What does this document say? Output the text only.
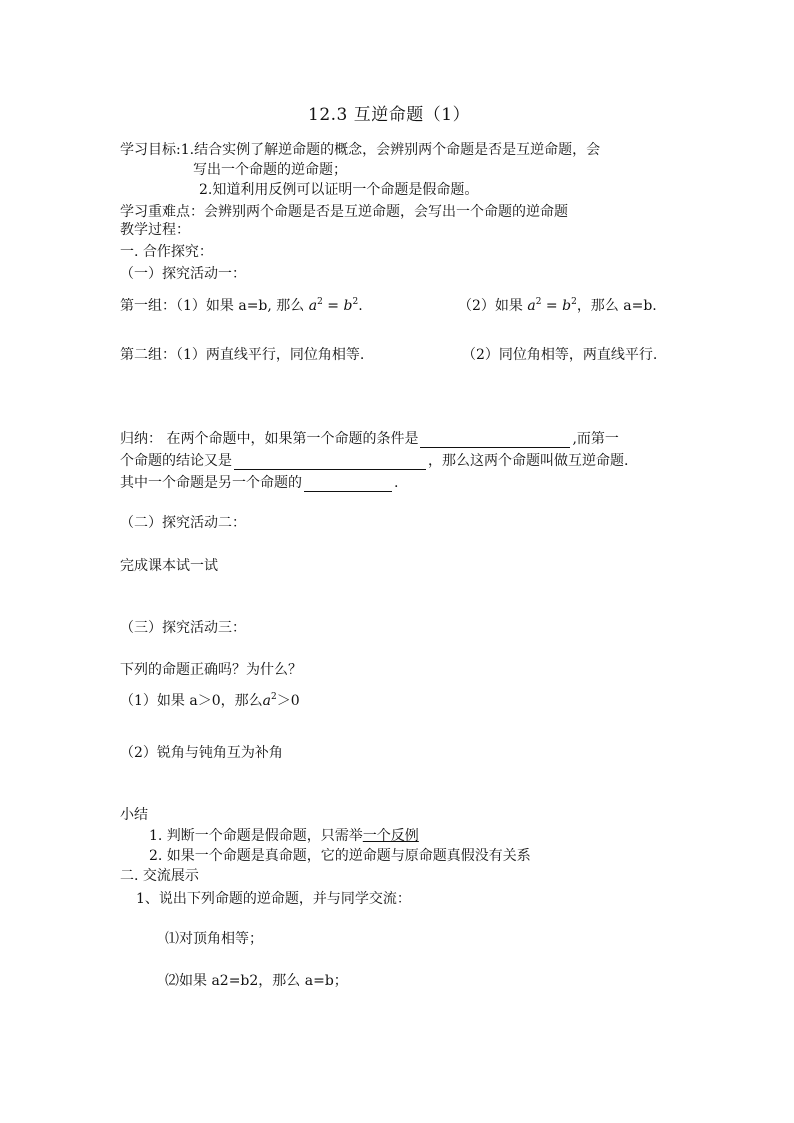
12.3 互逆命题（1）
学习目标:1.结合实例了解逆命题的概念，会辨别两个命题是否是互逆命题，会
写出一个命题的逆命题；
2.知道利用反例可以证明一个命题是假命题。
学习重难点：会辨别两个命题是否是互逆命题，会写出一个命题的逆命题
教学过程：
一. 合作探究：
（一）探究活动一：
第一组：（1）如果 a=b, 那么 $a^2 = b^2$.	（2）如果 $a^2 = b^2$，那么 a=b.
第二组：（1）两直线平行，同位角相等.	（2）同位角相等，两直线平行.
归纳： 在两个命题中，如果第一个命题的条件是	,而第一
个命题的结论又是	，那么这两个命题叫做互逆命题.
其中一个命题是另一个命题的	.
（二）探究活动二：
完成课本试一试
（三）探究活动三：
下列的命题正确吗？为什么？
（1）如果 a＞0，那么$a^2>0$
（2）锐角与钝角互为补角
小结
1. 判断一个命题是假命题，只需举一个反例
2. 如果一个命题是真命题，它的逆命题与原命题真假没有关系
二. 交流展示
1、说出下列命题的逆命题，并与同学交流：
⑴对顶角相等；
⑵如果 a2=b2，那么 a=b；
